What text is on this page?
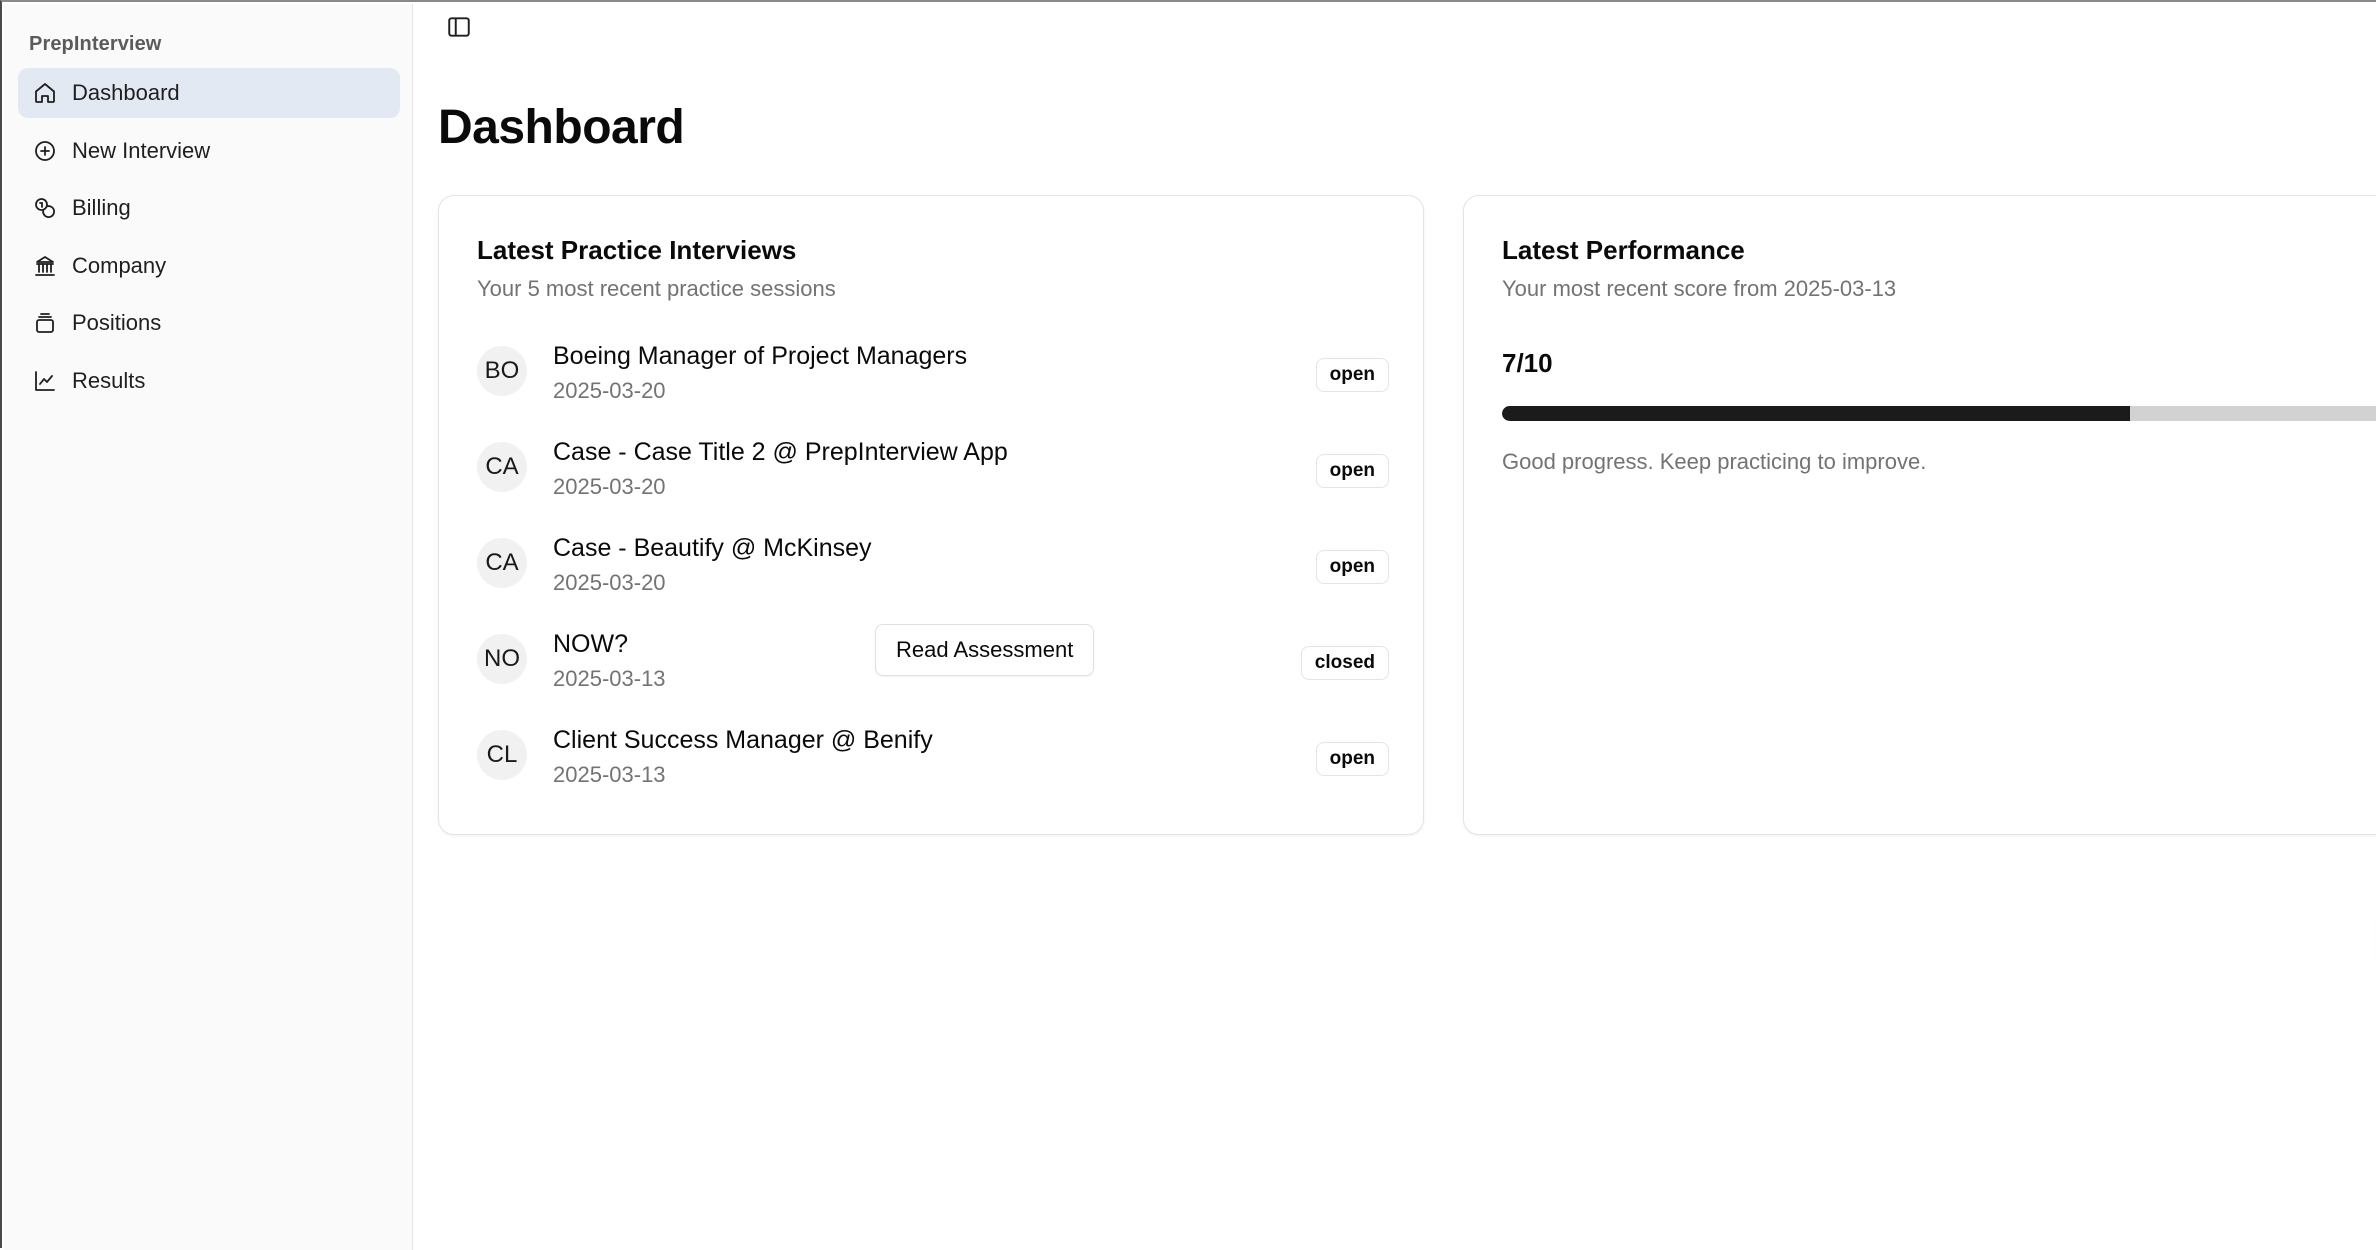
PrepInterview
Dashboard
New Interview
Billing
Company
Positions
Results
Dashboard
Latest Practice Interviews
Your 5 most recent practice sessions
BO
Boeing Manager of Project Managers
2025-03-20
open
CA
Case - Case Title 2 @ PrepInterview App
2025-03-20
open
CA
Case - Beautify @ McKinsey
2025-03-20
open
NO
NOW?
2025-03-13
Read Assessment
closed
CL
Client Success Manager @ Benify
2025-03-13
open
Latest Performance
Your most recent score from 2025-03-13
7/10
Good progress. Keep practicing to improve.
